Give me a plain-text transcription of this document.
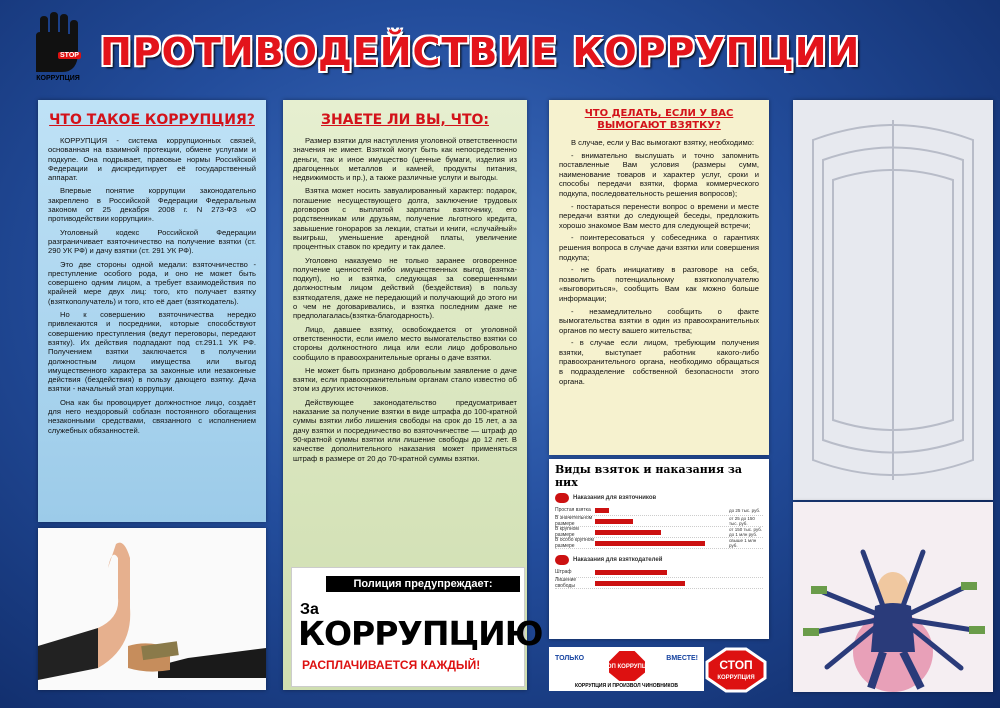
STOP
КОРРУПЦИЯ
ПРОТИВОДЕЙСТВИЕ КОРРУПЦИИ
ЧТО ТАКОЕ КОРРУПЦИЯ?

КОРРУПЦИЯ - система коррупционных связей, основанная на взаимной протекции, обмене услугами и подкупе. Она подрывает, правовые нормы Российской Федерации и дискредитирует её государственный аппарат.

Впервые понятие коррупции законодательно закреплено в Российской Федерации Федеральным законом от 25 декабря 2008 г. N 273-ФЗ «О противодействии коррупции».

Уголовный кодекс Российской Федерации разграничивает взяточничество на получение взятки (ст. 290 УК РФ) и дачу взятки (ст. 291 УК РФ).

Это две стороны одной медали: взяточничество - преступление особого рода, и оно не может быть совершено одним лицом, а требует взаимодействия по крайней мере двух лиц: того, кто получает взятку (взяткополучатель) и того, кто её дает (взяткодатель).

Но к совершению взяточничества нередко привлекаются и посредники, которые способствуют совершению преступления (ведут переговоры, передают взятку). Их действия подпадают под ст.291.1 УК РФ. Получением взятки заключается в получении должностным лицом имущества или выгод имущественного характера за законные или незаконные действия (бездействия) в пользу дающего взятку. Дача взятки - начальный этап коррупции.

Она как бы провоцирует должностное лицо, создаёт для него нездоровый соблазн постоянного обогащения незаконными средствами, связанного с исполнением служебных обязанностей.

ЗНАЕТЕ ЛИ ВЫ, ЧТО:

Размер взятки для наступления уголовной ответственности значения не имеет. Взяткой могут быть как непосредственно деньги, так и иное имущество (ценные бумаги, изделия из драгоценных металлов и камней, продукты питания, недвижимость и пр.), а также различные услуги и выгоды.

Взятка может носить завуалированный характер: подарок, погашение несуществующего долга, заключение трудовых договоров с выплатой зарплаты взяточнику, его родственникам или друзьям, получение льготного кредита, завышение гонораров за лекции, статьи и книги, «случайный» выигрыш, уменьшение арендной платы, увеличение процентных ставок по кредиту и так далее.

Уголовно наказуемо не только заранее оговоренное получение ценностей либо имущественных выгод (взятка-подкуп), но и взятка, следующая за совершенными должностным лицом действий (бездействия) в пользу взяткодателя, даже не передающий и получающий до этого ни о чем не договаривались, и взятка последним даже не предполагалась(взятка-благодарность).

Лицо, давшее взятку, освобождается от уголовной ответственности, если имело место вымогательство взятки со стороны должностного лица или если лицо добровольно сообщило в правоохранительные органы о даче взятки.

Не может быть признано добровольным заявление о даче взятки, если правоохранительным органам стало известно об этом из других источников.

Действующее законодательство предусматривает наказание за получение взятки в виде штрафа до 100-кратной суммы взятки либо лишения свободы на срок до 15 лет, а за дачу взятки и посредничество во взяточничестве — штраф до 90-кратной суммы взятки или лишение свободы до 12 лет. В качестве дополнительного наказания может применяться штраф в размере от 20 до 70-кратной суммы взятки.

Полиция предупреждает:
За
КОРРУПЦИЮ
РАСПЛАЧИВАЕТСЯ КАЖДЫЙ!
ЧТО ДЕЛАТЬ, ЕСЛИ У ВАС
ВЫМОГАЮТ ВЗЯТКУ?

В случае, если у Вас вымогают взятку, необходимо:

- внимательно выслушать и точно запомнить поставленные Вам условия (размеры сумм, наименование товаров и характер услуг, сроки и способы передачи взятки, форма коммерческого подкупа, последовательность решения вопросов);

- постараться перенести вопрос о времени и месте передачи взятки до следующей беседы, предложить хорошо знакомое Вам место для следующей встречи;

- поинтересоваться у собеседника о гарантиях решения вопроса в случае дачи взятки или совершения подкупа;

- не брать инициативу в разговоре на себя, позволить потенциальному взяткополучателю «выговориться», сообщить Вам как можно больше информации;

- незамедлительно сообщить о факте вымогательства взятки в один из правоохранительных органов по месту вашего жительства;

- в случае если лицом, требующим получения взятки, выступает работник какого-либо правоохранительного органа, необходимо обращаться в подразделение собственной безопасности этого органа.

Виды взяток и наказания за них
Наказания для взяточников
Простая взятка	до 25 тыс. руб.
В значительном размере
от 25 до 150 тыс. руб.
В крупном размере
от 150 тыс. руб. до 1 млн руб.
В особо крупном размере
свыше 1 млн руб.
Наказания для взяткодателей
Штраф
Лишение свободы
ТОЛЬКО	ВМЕСТЕ!
СТОП КОРРУПЦИЯ
КОРРУПЦИЯ И ПРОИЗВОЛ ЧИНОВНИКОВ
СТОП
КОРРУПЦИЯ
